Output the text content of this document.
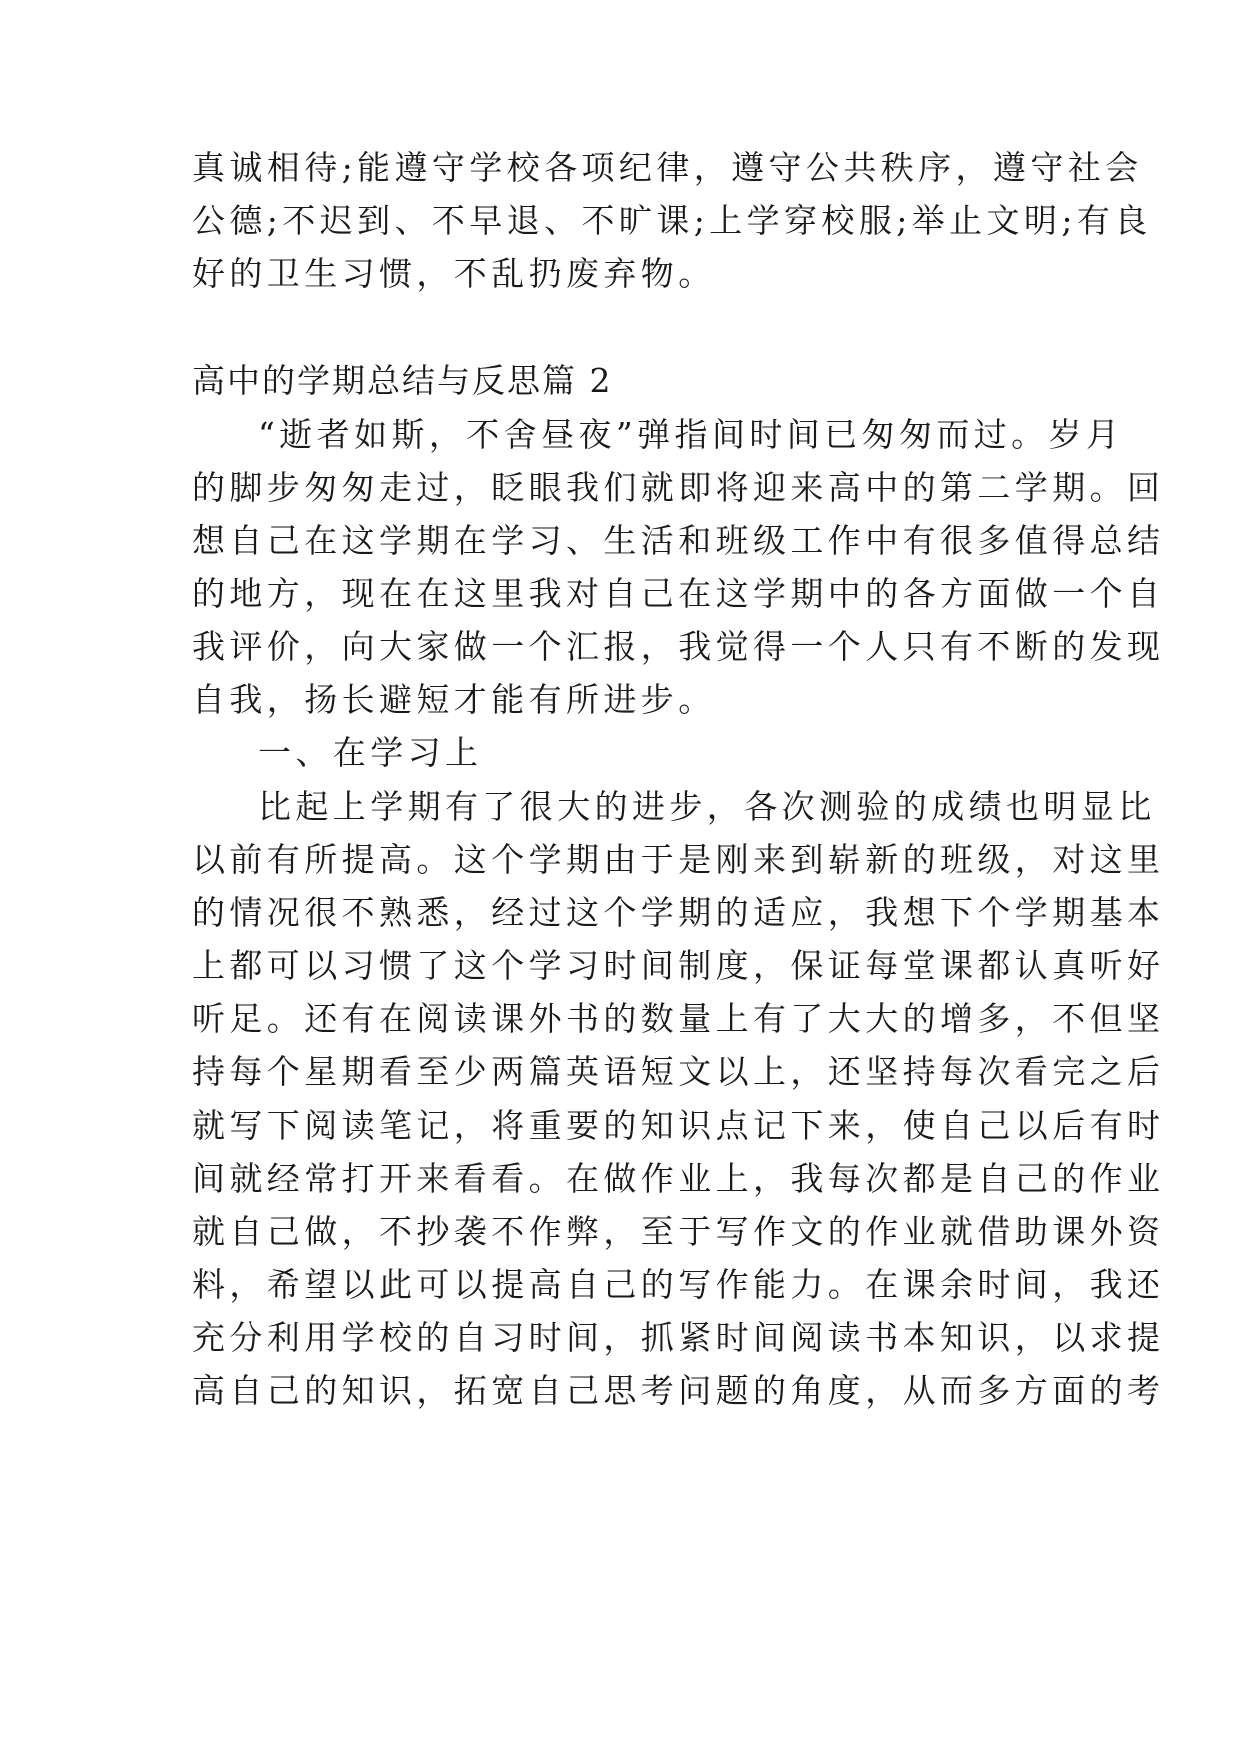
真诚相待;能遵守学校各项纪律，遵守公共秩序，遵守社会
公德;不迟到、不早退、不旷课;上学穿校服;举止文明;有良
好的卫生习惯，不乱扔废弃物。
高中的学期总结与反思篇 2
“逝者如斯，不舍昼夜”弹指间时间已匆匆而过。岁月
的脚步匆匆走过，眨眼我们就即将迎来高中的第二学期。回
想自己在这学期在学习、生活和班级工作中有很多值得总结
的地方，现在在这里我对自己在这学期中的各方面做一个自
我评价，向大家做一个汇报，我觉得一个人只有不断的发现
自我，扬长避短才能有所进步。
一、在学习上
比起上学期有了很大的进步，各次测验的成绩也明显比
以前有所提高。这个学期由于是刚来到崭新的班级，对这里
的情况很不熟悉，经过这个学期的适应，我想下个学期基本
上都可以习惯了这个学习时间制度，保证每堂课都认真听好
听足。还有在阅读课外书的数量上有了大大的增多，不但坚
持每个星期看至少两篇英语短文以上，还坚持每次看完之后
就写下阅读笔记，将重要的知识点记下来，使自己以后有时
间就经常打开来看看。在做作业上，我每次都是自己的作业
就自己做，不抄袭不作弊，至于写作文的作业就借助课外资
料，希望以此可以提高自己的写作能力。在课余时间，我还
充分利用学校的自习时间，抓紧时间阅读书本知识，以求提
高自己的知识，拓宽自己思考问题的角度，从而多方面的考
